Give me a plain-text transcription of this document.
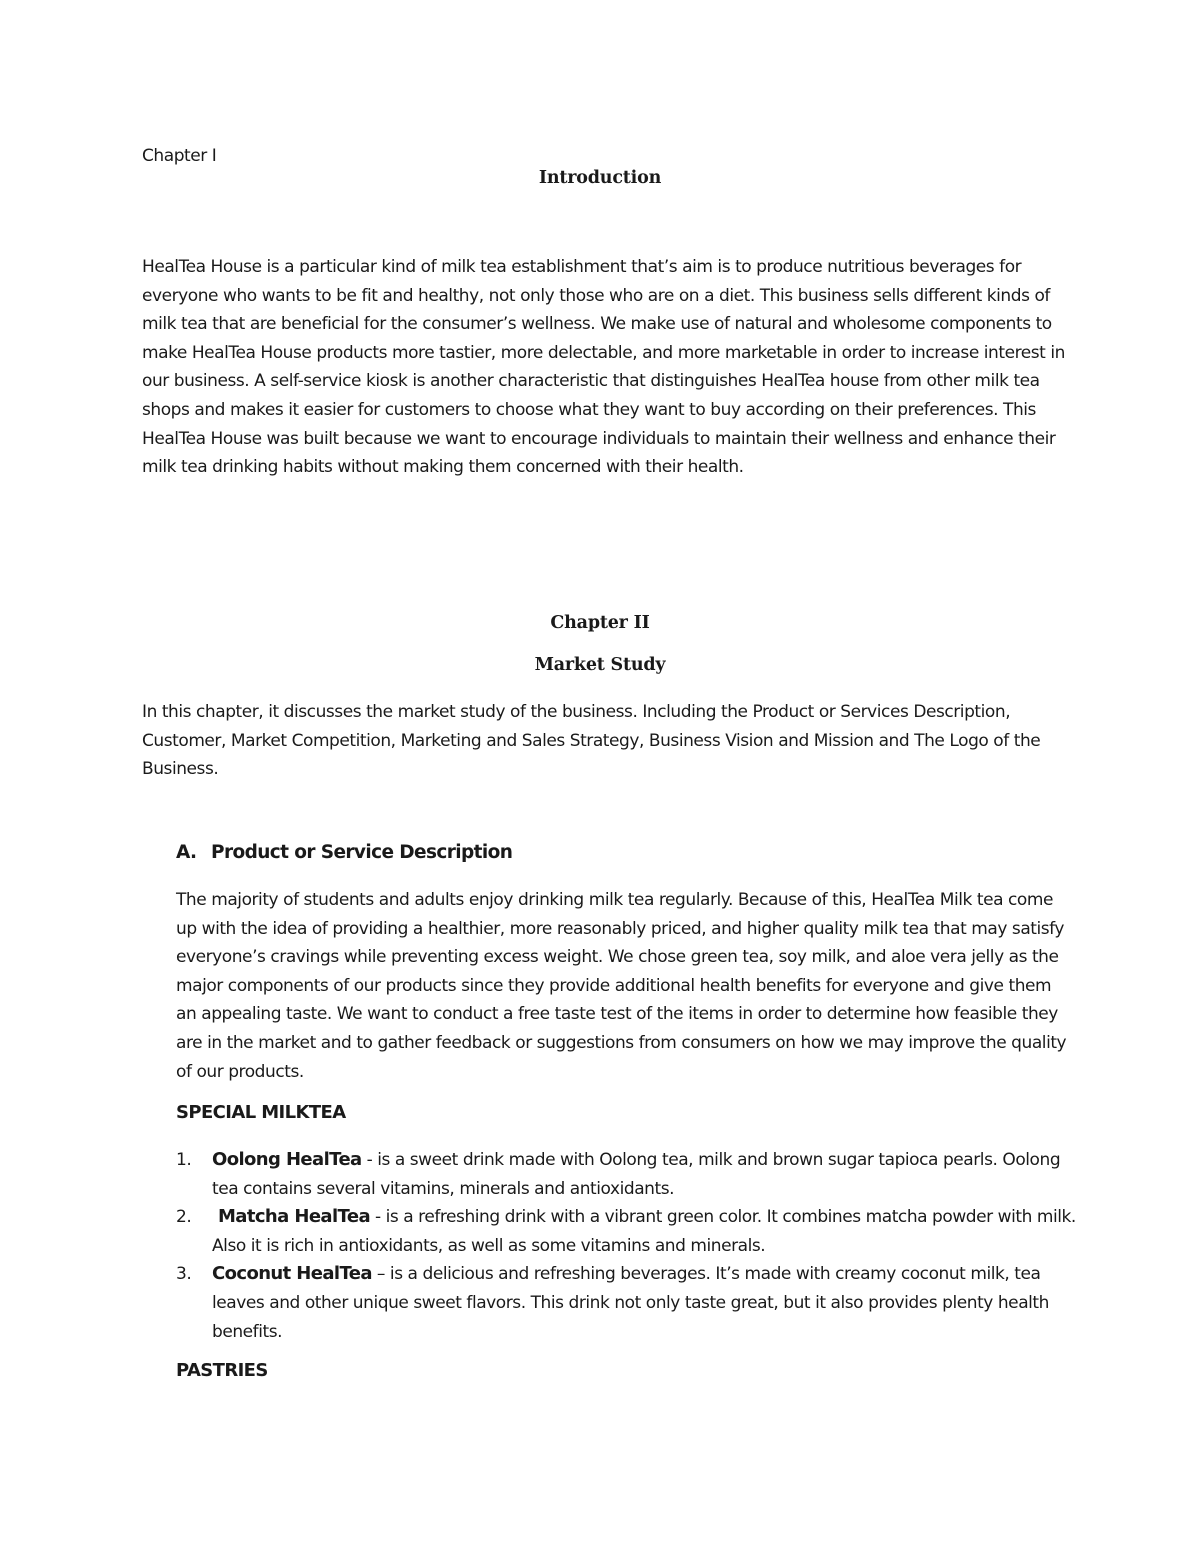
Chapter I
Introduction

HealTea House is a particular kind of milk tea establishment that’s aim is to produce nutritious beverages for everyone who wants to be fit and healthy, not only those who are on a diet. This business sells different kinds of milk tea that are beneficial for the consumer’s wellness. We make use of natural and wholesome components to make HealTea House products more tastier, more delectable, and more marketable in order to increase interest in our business. A self-service kiosk is another characteristic that distinguishes HealTea house from other milk tea shops and makes it easier for customers to choose what they want to buy according on their preferences. This HealTea House was built because we want to encourage individuals to maintain their wellness and enhance their milk tea drinking habits without making them concerned with their health.

Chapter II
Market Study

In this chapter, it discusses the market study of the business. Including the Product or Services Description, Customer, Market Competition, Marketing and Sales Strategy, Business Vision and Mission and The Logo of the Business.

A. Product or Service Description

The majority of students and adults enjoy drinking milk tea regularly. Because of this, HealTea Milk tea come up with the idea of providing a healthier, more reasonably priced, and higher quality milk tea that may satisfy everyone’s cravings while preventing excess weight. We chose green tea, soy milk, and aloe vera jelly as the major components of our products since they provide additional health benefits for everyone and give them an appealing taste. We want to conduct a free taste test of the items in order to determine how feasible they are in the market and to gather feedback or suggestions from consumers on how we may improve the quality of our products.

SPECIAL MILKTEA
1. Oolong HealTea - is a sweet drink made with Oolong tea, milk and brown sugar tapioca pearls. Oolong tea contains several vitamins, minerals and antioxidants.
2. Matcha HealTea - is a refreshing drink with a vibrant green color. It combines matcha powder with milk. Also it is rich in antioxidants, as well as some vitamins and minerals.
3. Coconut HealTea – is a delicious and refreshing beverages. It’s made with creamy coconut milk, tea leaves and other unique sweet flavors. This drink not only taste great, but it also provides plenty health benefits.
PASTRIES
